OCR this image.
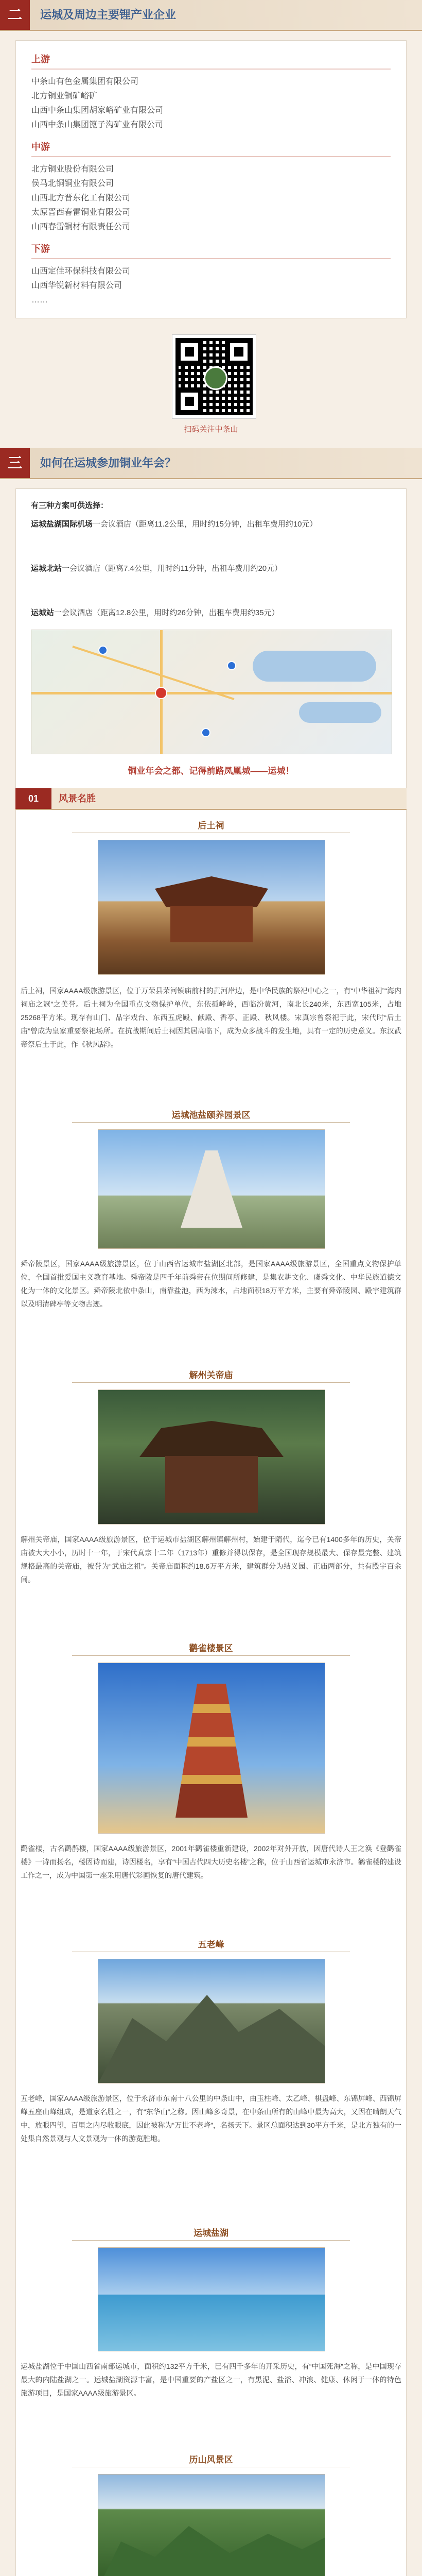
二	运城及周边主要锂产业企业
上游
中条山有色金属集团有限公司
北方铜业铜矿峪矿
山西中条山集团胡家峪矿业有限公司
山西中条山集团篦子沟矿业有限公司
中游
北方铜业股份有限公司
侯马北铜铜业有限公司
山西北方晋东化工有限公司
太原晋西春雷铜业有限公司
山西春雷铜材有限责任公司
下游
山西定佳环保科技有限公司
山西华锐新材料有限公司
……
扫码关注中条山
三	如何在运城参加铜业年会？

有三种方案可供选择：

运城盐湖国际机场一会议酒店（距离11.2公里，用时约15分钟，出租车费用约10元）

运城北站一会议酒店（距离7.4公里，用时约11分钟，出租车费用约20元）

运城站一会议酒店（距离12.8公里，用时约26分钟，出租车费用约35元）

铜业年会之都、记得前路凤凰城——运城！
01	风景名胜
后土祠

后土祠，国家AAAA级旅游景区，位于万荣县荣河镇庙前村的黄河岸边，是中华民族的祭祀中心之一，有“中华祖祠”“海内祠庙之冠”之美誉。后土祠为全国重点文物保护单位，东依孤峰岭，西临汾黄河，南北长240米，东西宽105米，占地25268平方米。现存有山门、品字戏台、东西五虎殿、献殿、香亭、正殿、秋风楼。宋真宗曾祭祀于此，宋代时“后土庙”曾成为皇家重要祭祀场所。在抗战期间后土祠因其居高临下，成为众多战斗的发生地，具有一定的历史意义。东汉武帝祭后土于此，作《秋风辞》。

运城池盐颐养园景区

舜帝陵景区，国家AAAA级旅游景区，位于山西省运城市盐湖区北部，是国家AAAA级旅游景区，全国重点文物保护单位，全国首批爱国主义教育基地。舜帝陵是四千年前舜帝在位期间所修建，是集农耕文化、虞舜文化、中华民族道德文化为一体的文化景区。舜帝陵北依中条山，南靠盐池，西为涑水，占地面积18万平方米，主要有舜帝陵园、殿宇建筑群以及明清碑亭等文物古迹。

解州关帝庙

解州关帝庙，国家AAAA级旅游景区，位于运城市盐湖区解州镇解州村，始建于隋代，迄今已有1400多年的历史，关帝庙被大大小小，历时十一年，于宋代真宗十二年（1713年）重修并得以保存，是全国现存规模最大、保存最完整、建筑规格最高的关帝庙，被誉为“武庙之祖”。关帝庙面积约18.6万平方米，建筑群分为结义园、正庙两部分，共有殿宇百余间。

鹳雀楼景区

鹳雀楼，古名鹳鹊楼，国家AAAA级旅游景区，2001年鹳雀楼重新建设，2002年对外开放，因唐代诗人王之涣《登鹳雀楼》一诗而扬名，楼因诗而建，诗因楼名，享有“中国古代四大历史名楼”之称，位于山西省运城市永济市。鹳雀楼的建设工作之一，成为中国第一座采用唐代彩画恢复的唐代建筑。

五老峰

五老峰，国家AAAA级旅游景区，位于永济市东南十八公里的中条山中，由玉柱峰、太乙峰、棋盘峰、东锦屏峰、西锦屏峰五座山峰组成，是道家名胜之一，有“东华山”之称。因山峰多奇景，在中条山所有的山峰中最为高大，又因在晴朗天气中，放眼四望，百里之内尽收眼底，因此被称为“万世不老峰”，名扬天下。景区总面积达到30平方千米，是北方独有的一处集自然景观与人文景观为一体的游览胜地。

运城盐湖

运城盐湖位于中国山西省南部运城市，面积约132平方千米，已有四千多年的开采历史，有“中国死海”之称，是中国现存最大的内陆盐湖之一。运城盐湖资源丰富，是中国重要的产盐区之一，有黑泥、盐浴、冲浪、健康、休闲于一体的特色旅游项目，是国家AAAA级旅游景区。

历山风景区
